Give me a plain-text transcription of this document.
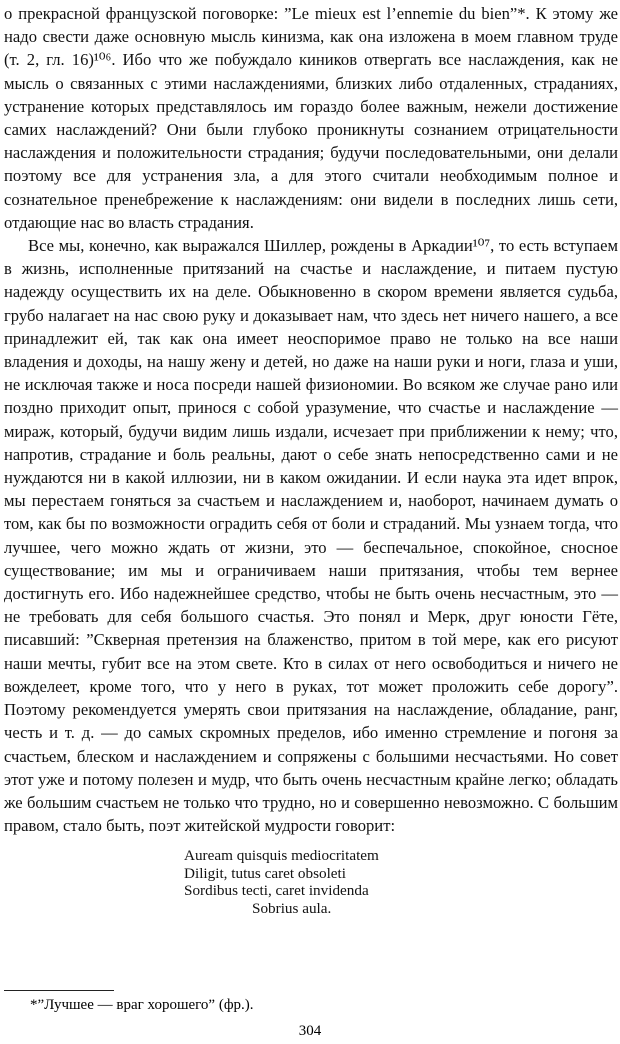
о прекрасной французской поговорке: ”Le mieux est l’ennemie du bien”*. К этому же надо свести даже основную мысль кинизма, как она изложена в моем главном труде (т. 2, гл. 16)¹⁰⁶. Ибо что же побуждало киников отвергать все наслаждения, как не мысль о связанных с этими наслаждениями, близких либо отдаленных, страданиях, устранение которых представлялось им гораздо более важным, нежели достижение самих наслаждений? Они были глубоко проникнуты сознанием отрицательности наслаждения и положительности страдания; будучи последовательными, они делали поэтому все для устранения зла, а для этого считали необходимым полное и сознательное пренебрежение к наслаждениям: они видели в последних лишь сети, отдающие нас во власть страдания.

Все мы, конечно, как выражался Шиллер, рождены в Аркадии¹⁰⁷, то есть вступаем в жизнь, исполненные притязаний на счастье и наслаждение, и питаем пустую надежду осуществить их на деле. Обыкновенно в скором времени является судьба, грубо налагает на нас свою руку и доказывает нам, что здесь нет ничего нашего, а все принадлежит ей, так как она имеет неоспоримое право не только на все наши владения и доходы, на нашу жену и детей, но даже на наши руки и ноги, глаза и уши, не исключая также и носа посреди нашей физиономии. Во всяком же случае рано или поздно приходит опыт, принося с собой уразумение, что счастье и наслаждение — мираж, который, будучи видим лишь издали, исчезает при приближении к нему; что, напротив, страдание и боль реальны, дают о себе знать непосредственно сами и не нуждаются ни в какой иллюзии, ни в каком ожидании. И если наука эта идет впрок, мы перестаем гоняться за счастьем и наслаждением и, наоборот, начинаем думать о том, как бы по возможности оградить себя от боли и страданий. Мы узнаем тогда, что лучшее, чего можно ждать от жизни, это — беспечальное, спокойное, сносное существование; им мы и ограничиваем наши притязания, чтобы тем вернее достигнуть его. Ибо надежнейшее средство, чтобы не быть очень несчастным, это — не требовать для себя большого счастья. Это понял и Мерк, друг юности Гёте, писавший: ”Скверная претензия на блаженство, притом в той мере, как его рисуют наши мечты, губит все на этом свете. Кто в силах от него освободиться и ничего не вожделеет, кроме того, что у него в руках, тот может проложить себе дорогу”. Поэтому рекомендуется умерять свои притязания на наслаждение, обладание, ранг, честь и т. д. — до самых скромных пределов, ибо именно стремление и погоня за счастьем, блеском и наслаждением и сопряжены с большими несчастьями. Но совет этот уже и потому полезен и мудр, что быть очень несчастным крайне легко; обладать же большим счастьем не только что трудно, но и совершенно невозможно. С большим правом, стало быть, поэт житейской мудрости говорит:

Auream quisquis mediocritatem
Diligit, tutus caret obsoleti
Sordibus tecti, caret invidenda
Sobrius aula.
*”Лучшее — враг хорошего” (фр.).
304
